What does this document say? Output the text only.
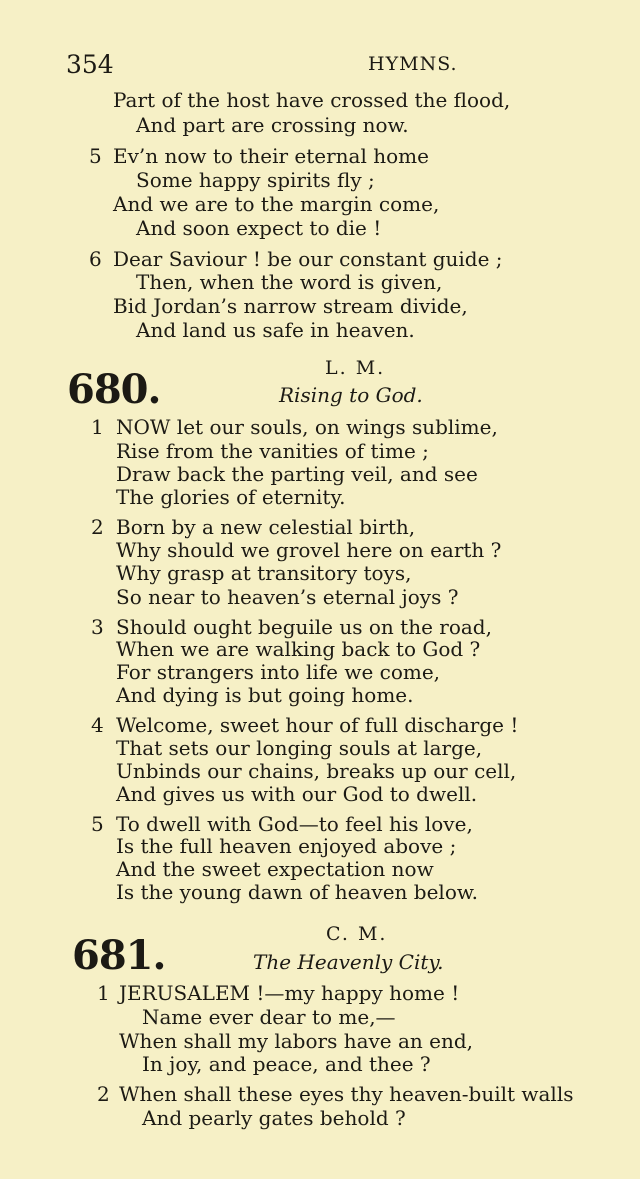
354	HYMNS.
Part of the host have crossed the flood,
And part are crossing now.
5 Ev’n now to their eternal home
Some happy spirits fly ;
And we are to the margin come,
And soon expect to die !
6 Dear Saviour ! be our constant guide ;
Then, when the word is given,
Bid Jordan’s narrow stream divide,
And land us safe in heaven.
L. M.
680.	Rising to God.
1 NOW let our souls, on wings sublime,
Rise from the vanities of time ;
Draw back the parting veil, and see
The glories of eternity.
2 Born by a new celestial birth,
Why should we grovel here on earth ?
Why grasp at transitory toys,
So near to heaven’s eternal joys ?
3 Should ought beguile us on the road,
When we are walking back to God ?
For strangers into life we come,
And dying is but going home.
4 Welcome, sweet hour of full discharge !
That sets our longing souls at large,
Unbinds our chains, breaks up our cell,
And gives us with our God to dwell.
5 To dwell with God—to feel his love,
Is the full heaven enjoyed above ;
And the sweet expectation now
Is the young dawn of heaven below.
C. M.
681.	The Heavenly City.
1 JERUSALEM !—my happy home !
Name ever dear to me,—
When shall my labors have an end,
In joy, and peace, and thee ?
2 When shall these eyes thy heaven-built walls
And pearly gates behold ?
